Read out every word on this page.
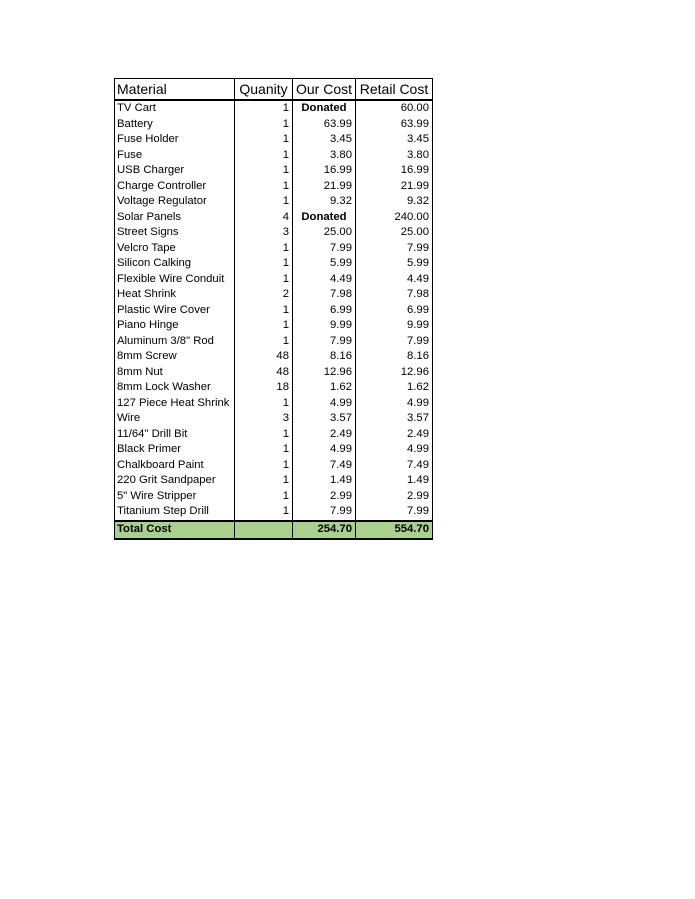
Material	Quanity	Our Cost	Retail Cost
TV Cart	1	Donated	60.00
Battery	1	63.99	63.99
Fuse Holder	1	3.45	3.45
Fuse	1	3.80	3.80
USB Charger	1	16.99	16.99
Charge Controller	1	21.99	21.99
Voltage Regulator	1	9.32	9.32
Solar Panels	4	Donated	240.00
Street Signs	3	25.00	25.00
Velcro Tape	1	7.99	7.99
Silicon Calking	1	5.99	5.99
Flexible Wire Conduit	1	4.49	4.49
Heat Shrink	2	7.98	7.98
Plastic Wire Cover	1	6.99	6.99
Piano Hinge	1	9.99	9.99
Aluminum 3/8" Rod	1	7.99	7.99
8mm Screw	48	8.16	8.16
8mm Nut	48	12.96	12.96
8mm Lock Washer	18	1.62	1.62
127 Piece Heat Shrink	1	4.99	4.99
Wire	3	3.57	3.57
11/64" Drill Bit	1	2.49	2.49
Black Primer	1	4.99	4.99
Chalkboard Paint	1	7.49	7.49
220 Grit Sandpaper	1	1.49	1.49
5" Wire Stripper	1	2.99	2.99
Titanium Step Drill	1	7.99	7.99
Total Cost		254.70	554.70
